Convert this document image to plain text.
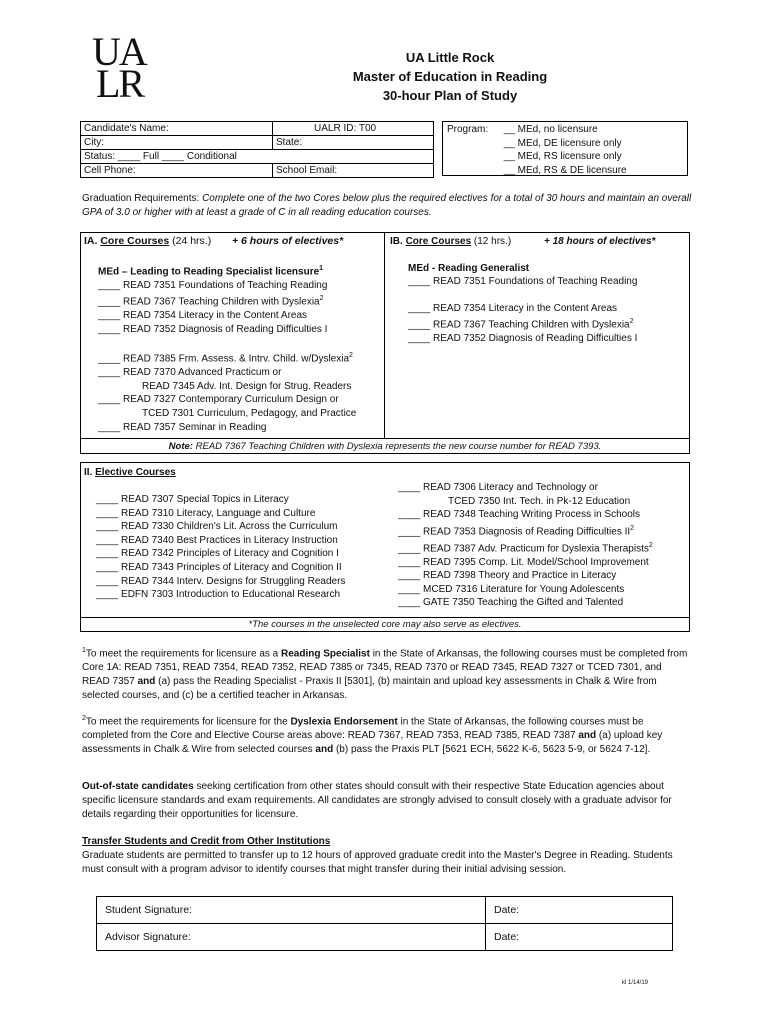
UA
LR
UA Little Rock
Master of Education in Reading
30-hour Plan of Study
Candidate's Name:	UALR ID: T00
City:	State:
Status: ____ Full ____ Conditional	
Cell Phone:	School Email:
Program: __ MEd, no licensure
__ MEd, DE licensure only
__ MEd, RS licensure only
__ MEd, RS & DE licensure
Graduation Requirements: Complete one of the two Cores below plus the required electives for a total of 30 hours and maintain an overall GPA of 3.0 or higher with at least a grade of C in all reading education courses.
IA. Core Courses (24 hrs.) + 6 hours of electives*
MEd – Leading to Reading Specialist licensure$^1$
____ READ 7351 Foundations of Teaching Reading
____ READ 7367 Teaching Children with Dyslexia$^2$
____ READ 7354 Literacy in the Content Areas
____ READ 7352 Diagnosis of Reading Difficulties I
____ READ 7385 Frm. Assess. & Intrv. Child. w/Dyslexia$^2$
____ READ 7370 Advanced Practicum or
READ 7345 Adv. Int. Design for Strug. Readers
____ READ 7327 Contemporary Curriculum Design or
TCED 7301 Curriculum, Pedagogy, and Practice
____ READ 7357 Seminar in Reading
IB. Core Courses (12 hrs.)	+ 18 hours of electives*
MEd - Reading Generalist
____ READ 7351 Foundations of Teaching Reading
____ READ 7354 Literacy in the Content Areas
____ READ 7367 Teaching Children with Dyslexia$^2$
____ READ 7352 Diagnosis of Reading Difficulties I
Note: READ 7367 Teaching Children with Dyslexia represents the new course number for READ 7393.
II. Elective Courses
____ READ 7307 Special Topics in Literacy
____ READ 7310 Literacy, Language and Culture
____ READ 7330 Children's Lit. Across the Curriculum
____ READ 7340 Best Practices in Literacy Instruction
____ READ 7342 Principles of Literacy and Cognition I
____ READ 7343 Principles of Literacy and Cognition II
____ READ 7344 Interv. Designs for Struggling Readers
____ EDFN 7303 Introduction to Educational Research
____ READ 7306 Literacy and Technology or
TCED 7350 Int. Tech. in Pk-12 Education
____ READ 7348 Teaching Writing Process in Schools
____ READ 7353 Diagnosis of Reading Difficulties $II^2$
____ READ 7387 Adv. Practicum for Dyslexia Therapists$^2$
____ READ 7395 Comp. Lit. Model/School Improvement
____ READ 7398 Theory and Practice in Literacy
____ MCED 7316 Literature for Young Adolescents
____ GATE 7350 Teaching the Gifted and Talented
*The courses in the unselected core may also serve as electives.
$^1$To meet the requirements for licensure as a Reading Specialist in the State of Arkansas, the following courses must be completed from Core 1A: READ 7351, READ 7354, READ 7352, READ 7385 or 7345, READ 7370 or READ 7345, READ 7327 or TCED 7301, and READ 7357 and (a) pass the Reading Specialist - Praxis II [5301], (b) maintain and upload key assessments in Chalk & Wire from selected courses, and (c) be a certified teacher in Arkansas.
$^2$To meet the requirements for licensure for the Dyslexia Endorsement in the State of Arkansas, the following courses must be completed from the Core and Elective Course areas above: READ 7367, READ 7353, READ 7385, READ 7387 and (a) upload key assessments in Chalk & Wire from selected courses and (b) pass the Praxis PLT [5621 ECH, 5622 K-6, 5623 5-9, or 5624 7-12].
Out-of-state candidates seeking certification from other states should consult with their respective State Education agencies about specific licensure standards and exam requirements. All candidates are strongly advised to consult closely with a graduate advisor for details regarding their opportunities for licensure.
Transfer Students and Credit from Other Institutions
Graduate students are permitted to transfer up to 12 hours of approved graduate credit into the Master's Degree in Reading. Students must consult with a program advisor to identify courses that might transfer during their initial advising session.
Student Signature:	Date:
Advisor Signature:	Date:
kl 1/14/19
